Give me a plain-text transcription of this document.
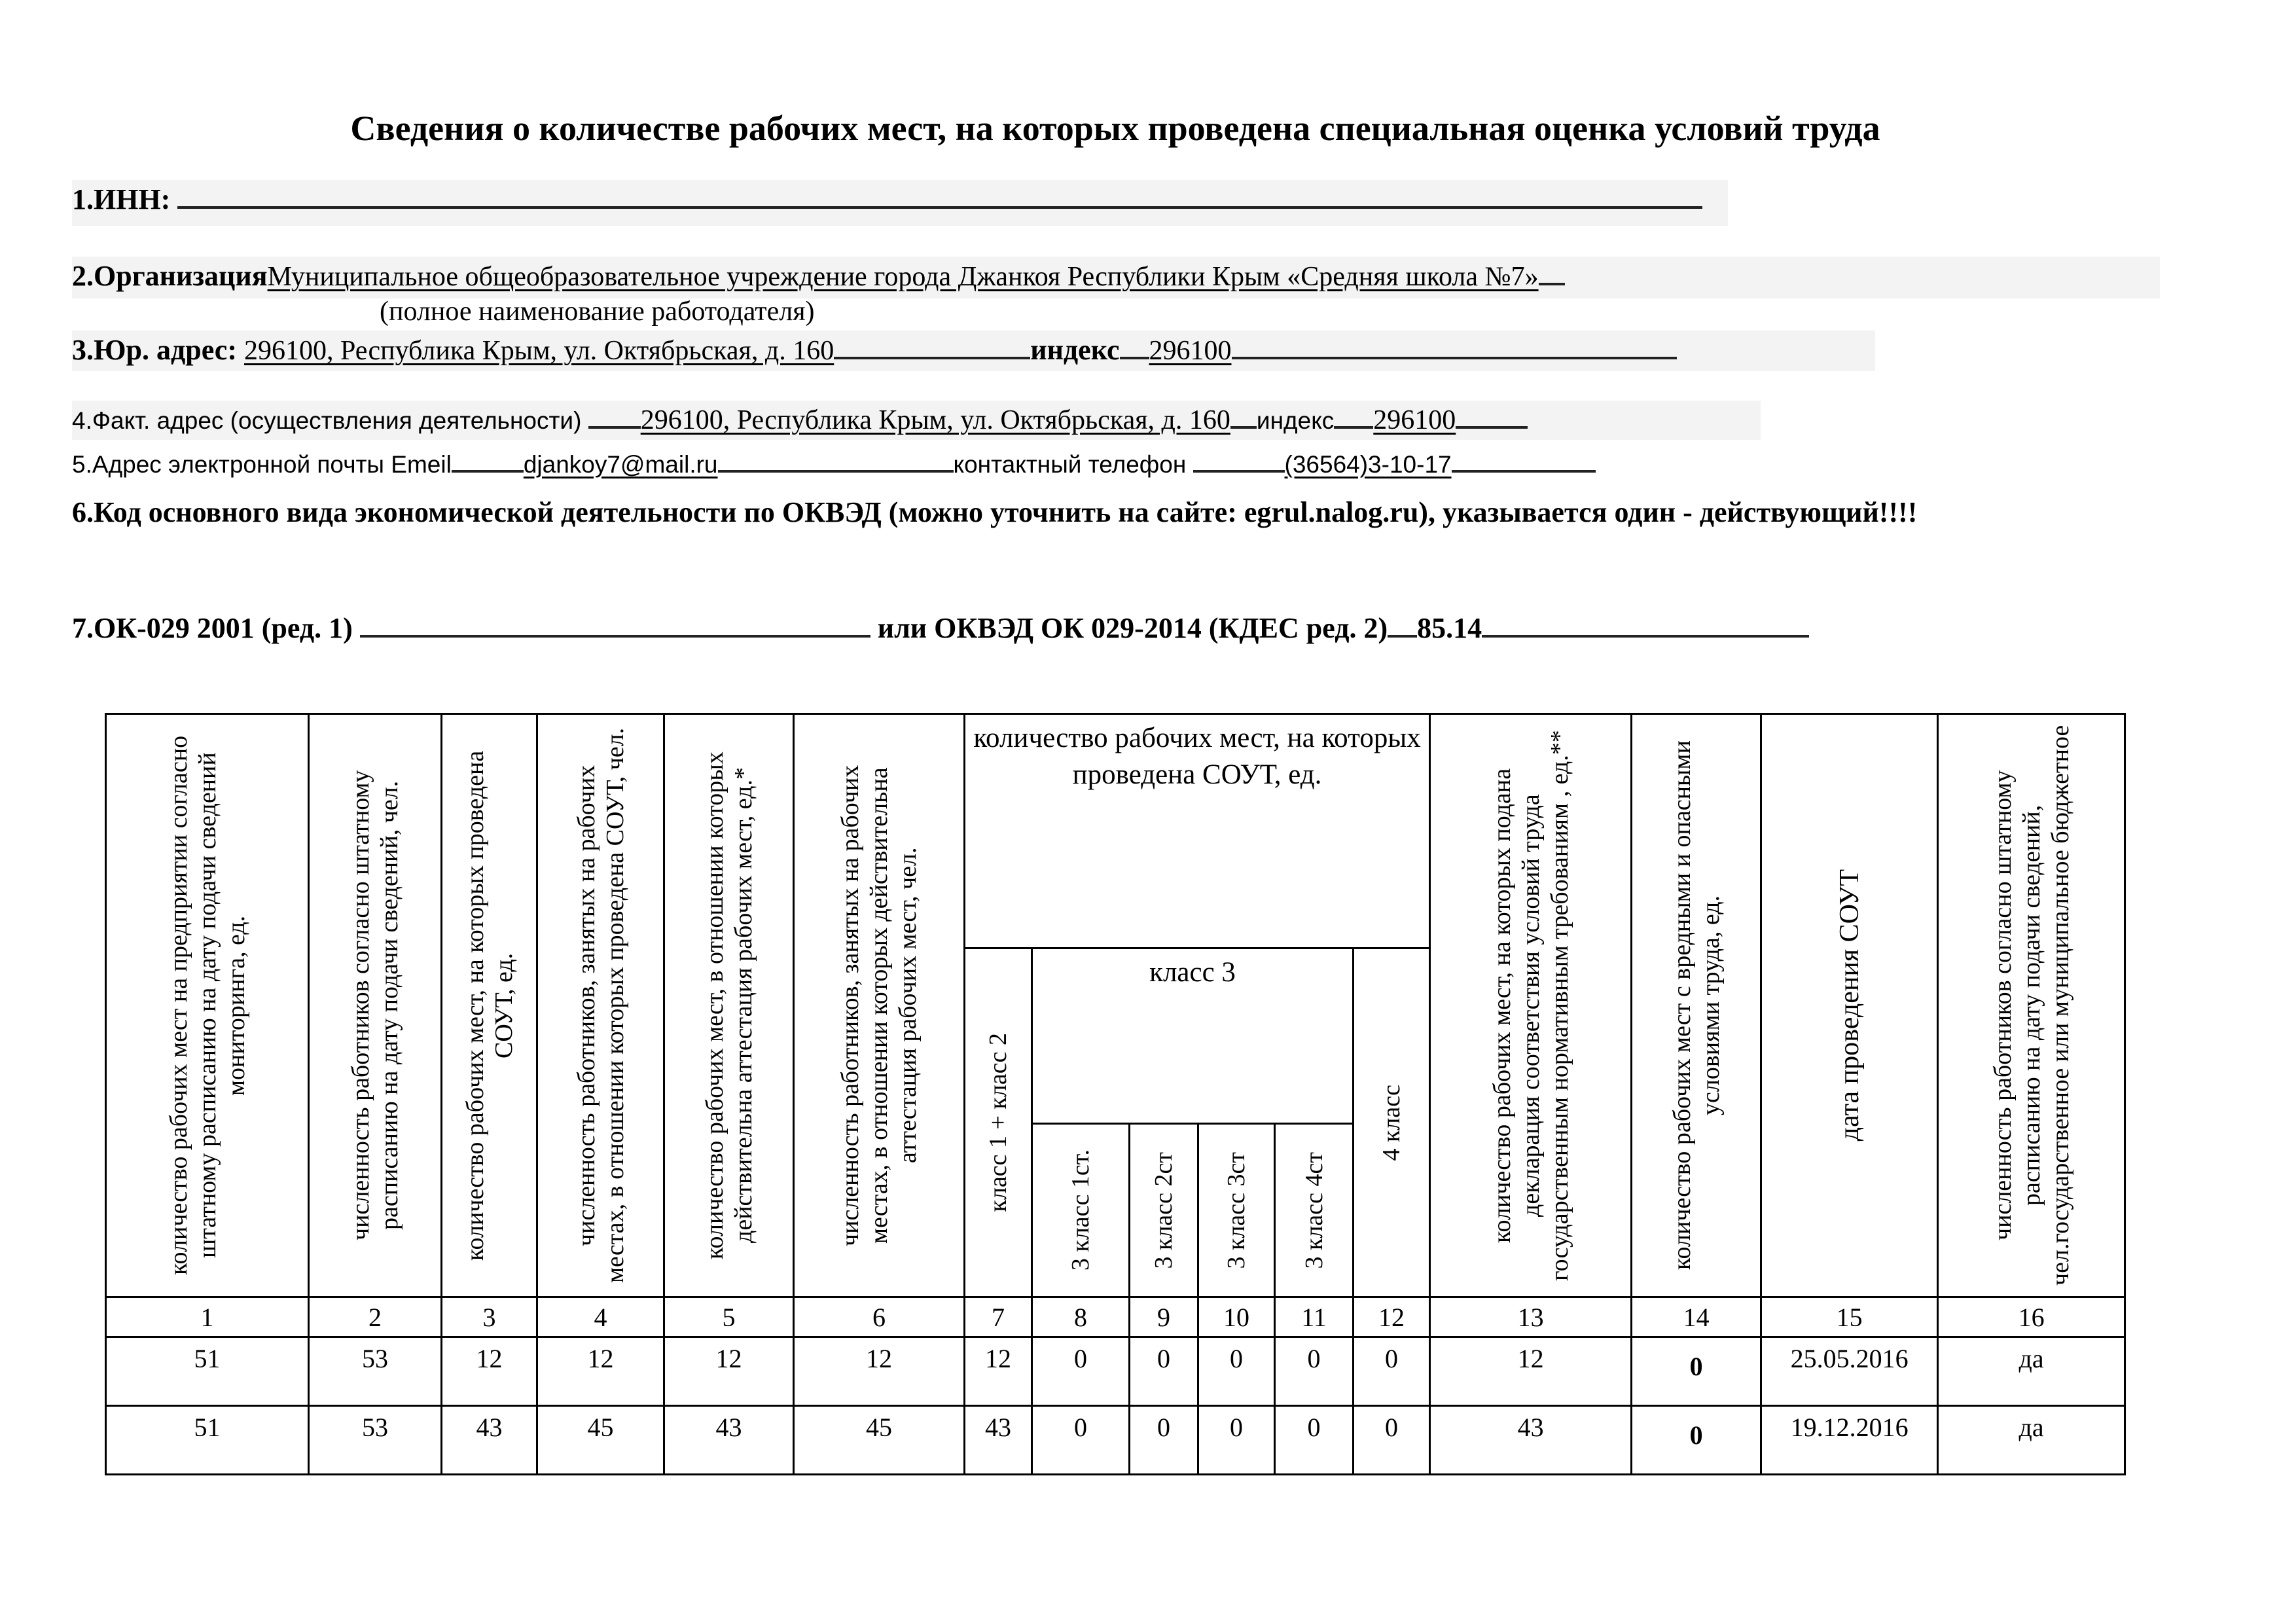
Сведения о количестве рабочих мест, на которых проведена специальная оценка условий труда
1.ИНН:
2.ОрганизацияМуниципальное общеобразовательное учреждение города Джанкоя Республики Крым «Средняя школа №7»
(полное наименование работодателя)
3.Юр. адрес: 296100, Республика Крым, ул. Октябрьская, д. 160	индекс 296100
4.Факт. адрес (осуществления деятельности) 296100, Республика Крым, ул. Октябрьская, д. 160 индекс 296100
5.Адрес электронной почты Emeil	djankoy7@mail.ru	контактный телефон	(36564)3-10-17
6.Код основного вида экономической деятельности по ОКВЭД (можно уточнить на сайте: egrul.nalog.ru), указывается один - действующий!!!!
7.ОК-029 2001 (ред. 1)	или ОКВЭД ОК 029-2014 (КДЕС ред. 2) 85.14
количество рабочих мест на предприятии согласно штатному расписанию на дату подачи сведений мониторинга, ед.	численность работников согласно штатному расписанию на дату подачи сведений, чел.	количество рабочих мест, на которых проведена СОУТ, ед.	численность работников, занятых на рабочих местах, в отношении которых проведена СОУТ, чел.	количество рабочих мест, в отношении которых действительна аттестация рабочих мест, ед.*	численность работников, занятых на рабочих местах, в отношении которых действительна аттестация рабочих мест, чел.	количество рабочих мест, на которых проведена СОУТ, ед.						количество рабочих мест, на которых подана декларация соответствия условий труда государственным нормативным требованиям , ед.**	количество рабочих мест с вредными и опасными условиями труда, ед.	дата проведения СОУТ	численность работников согласно штатному расписанию на дату подачи сведений, чел.государственное или муниципальное бюджетное

						класс 1 + класс 2	класс 3				4 класс				

							3 класс 1ст.	3 класс 2ст	3 класс 3ст	3 класс 4ст					

1	2	3	4	5	6	7	8	9	10	11	12	13	14	15	16
51	53	12	12	12	12	12	0	0	0	0	0	12	0	25.05.2016	да
51	53	43	45	43	45	43	0	0	0	0	0	43	0	19.12.2016	да
